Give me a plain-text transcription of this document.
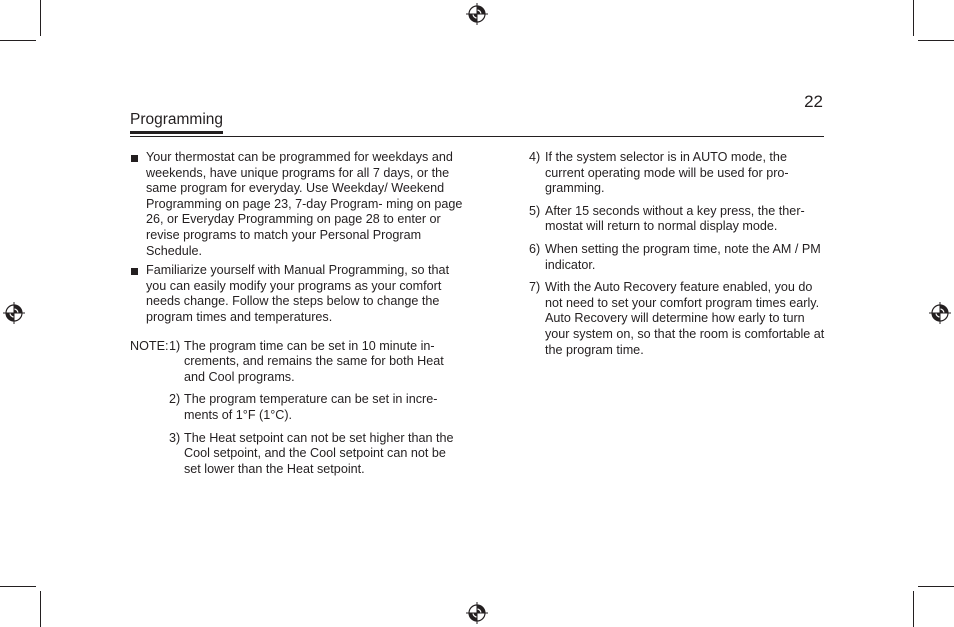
22
Programming
Your thermostat can be programmed for weekdays and weekends, have unique programs for all 7 days, or the same program for everyday. Use Weekday/ Weekend Programming on page 23, 7-day Program- ming on page 26, or Everyday Programming on page 28 to enter or revise programs to match your Personal Program Schedule.
Familiarize yourself with Manual Programming, so that you can easily modify your programs as your comfort needs change. Follow the steps below to change the program times and temperatures.
NOTE: 1) The program time can be set in 10 minute in- crements, and remains the same for both Heat and Cool programs.
2) The program temperature can be set in incre- ments of 1°F (1°C).
3) The Heat setpoint can not be set higher than the Cool setpoint, and the Cool setpoint can not be set lower than the Heat setpoint.
4) If the system selector is in AUTO mode, the current operating mode will be used for pro- gramming.
5) After 15 seconds without a key press, the ther- mostat will return to normal display mode.
6) When setting the program time, note the AM / PM indicator.
7) With the Auto Recovery feature enabled, you do not need to set your comfort program times early. Auto Recovery will determine how early to turn your system on, so that the room is comfortable at the program time.
